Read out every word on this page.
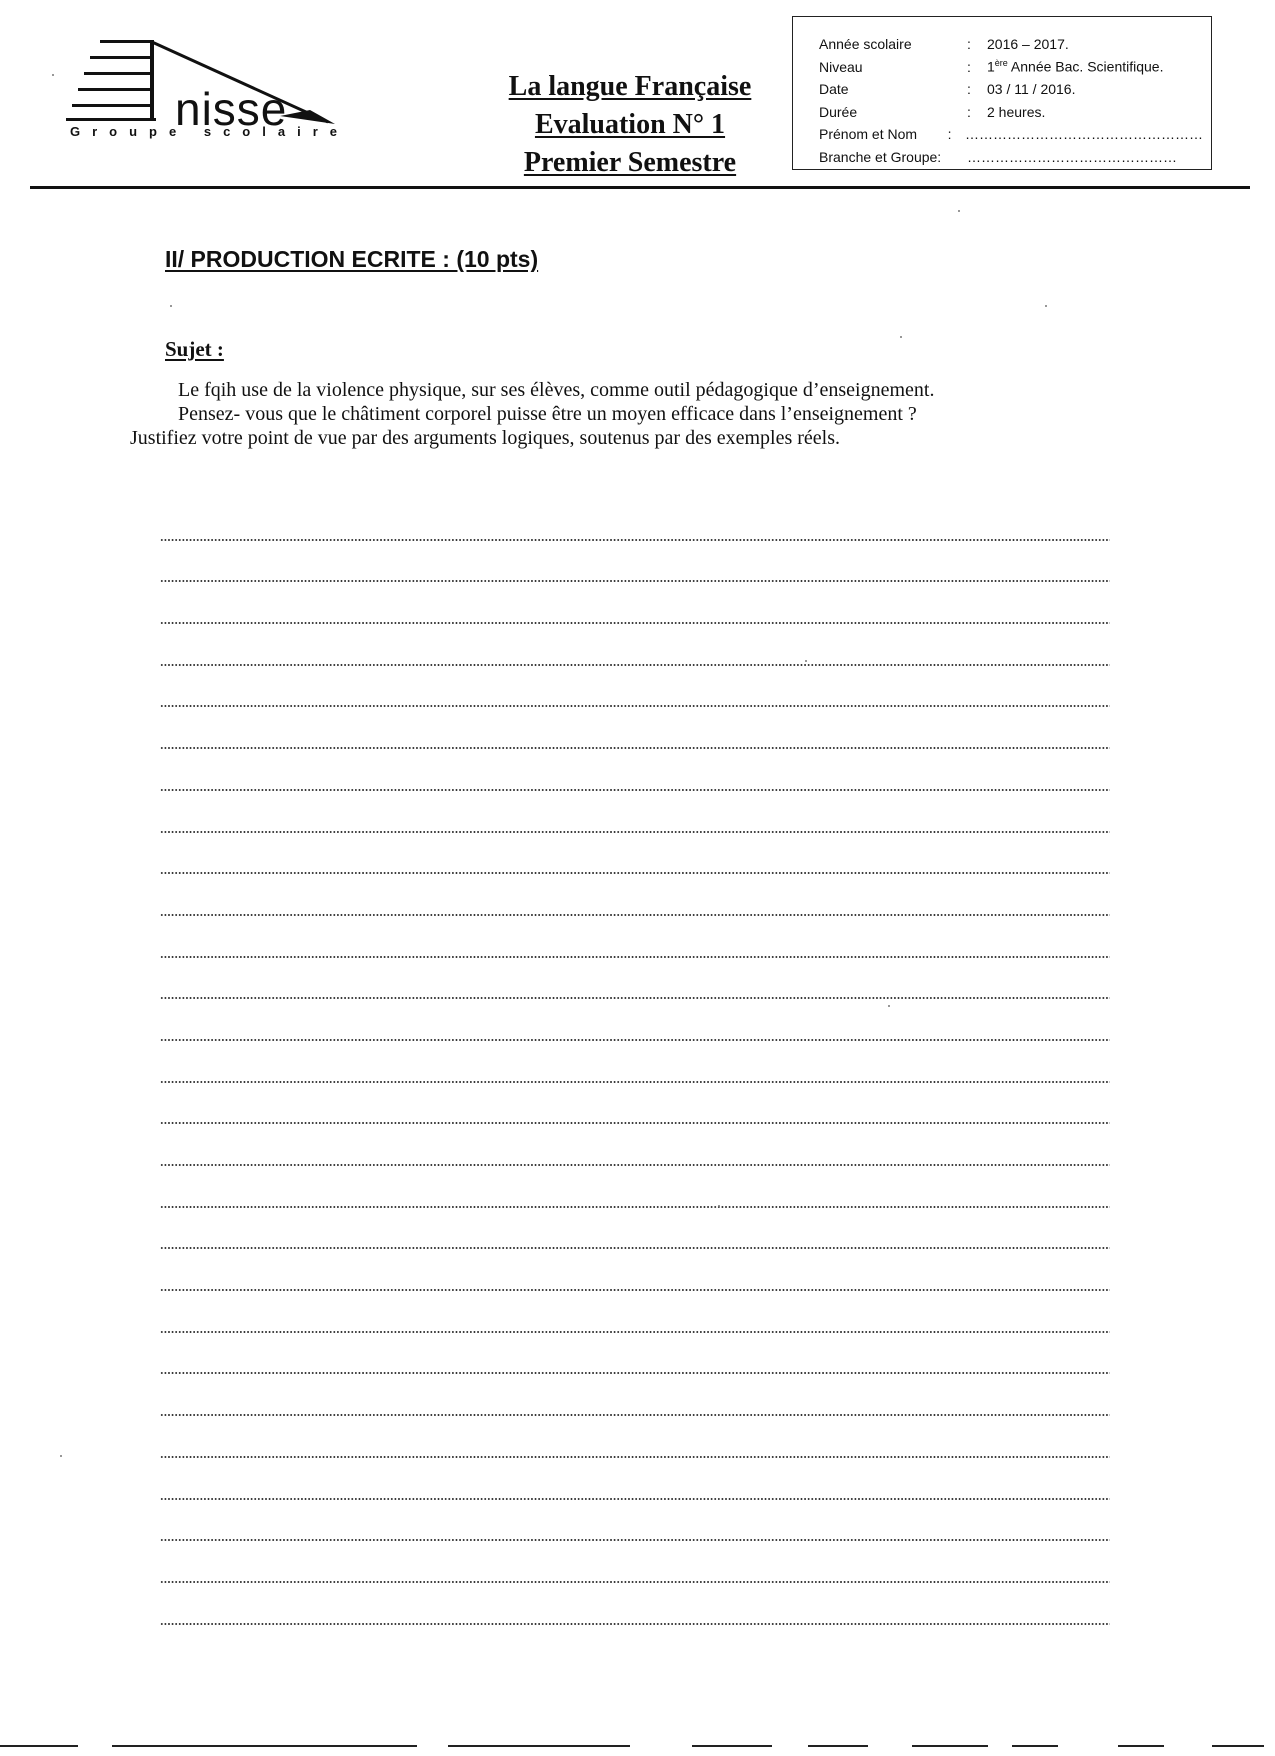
nisse
Groupe scolaire
La langue Française
Evaluation N° 1
Premier Semestre
Année scolaire	:	2016 – 2017.
Niveau	:	1ère Année Bac. Scientifique.
Date	:	03 / 11 / 2016.
Durée	:	2 heures.
Prénom et Nom	: ……………………………………………
Branche et Groupe:	………………………………………
II/ PRODUCTION ECRITE : (10 pts)
Sujet :
Le fqih use de la violence physique, sur ses élèves, comme outil pédagogique d’enseignement.
Pensez- vous que le châtiment corporel puisse être un moyen efficace dans l’enseignement ?
Justifiez votre point de vue par des arguments logiques, soutenus par des exemples réels.
